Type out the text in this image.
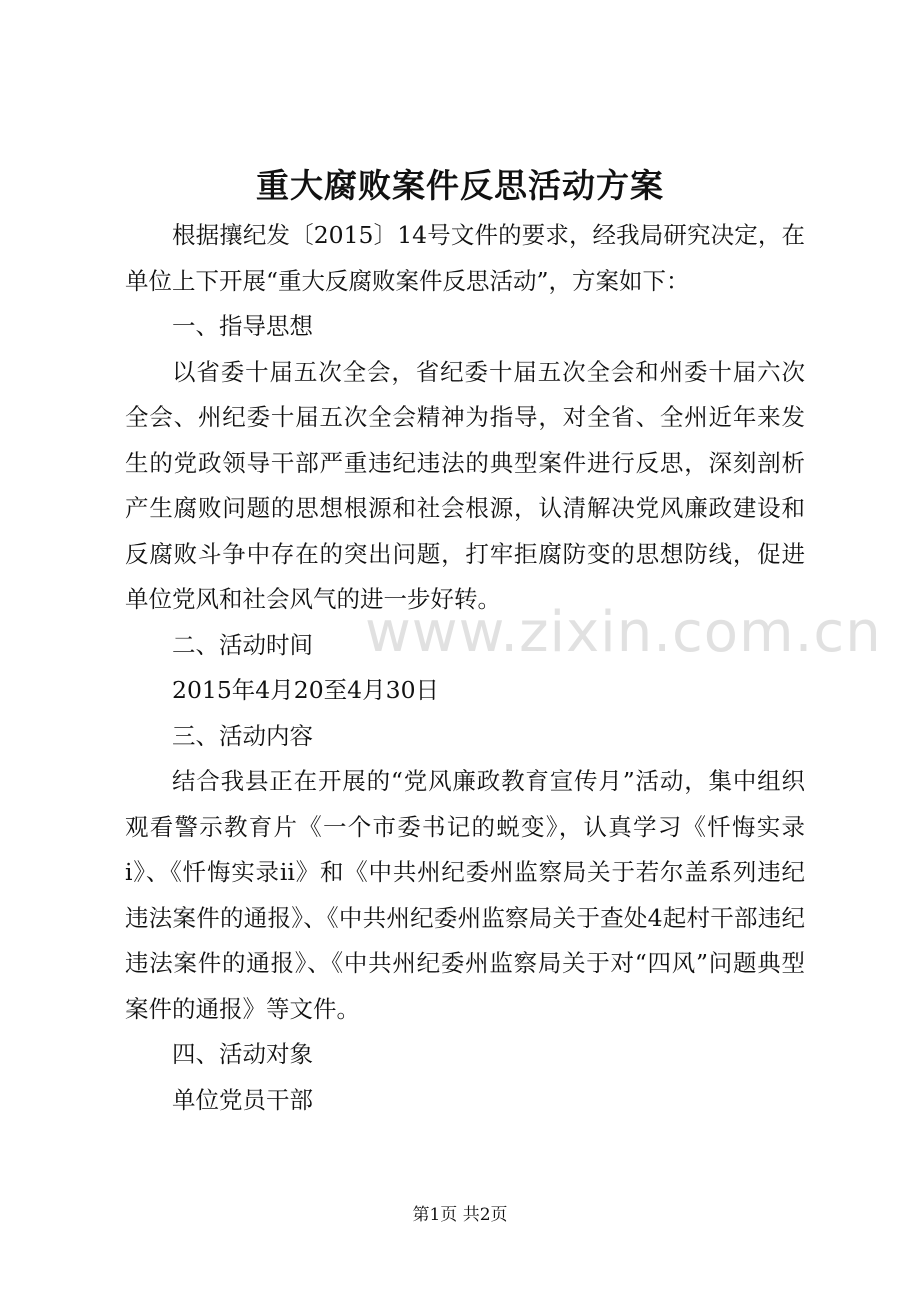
重大腐败案件反思活动方案

根据攘纪发〔2015〕14号文件的要求，经我局研究决定，在单位上下开展“重大反腐败案件反思活动”，方案如下：

一、指导思想

以省委十届五次全会，省纪委十届五次全会和州委十届六次全会、州纪委十届五次全会精神为指导，对全省、全州近年来发生的党政领导干部严重违纪违法的典型案件进行反思，深刻剖析产生腐败问题的思想根源和社会根源，认清解决党风廉政建设和反腐败斗争中存在的突出问题，打牢拒腐防变的思想防线，促进单位党风和社会风气的进一步好转。

二、活动时间

2015年4月20至4月30日

三、活动内容

结合我县正在开展的“党风廉政教育宣传月”活动，集中组织观看警示教育片《一个市委书记的蜕变》，认真学习《忏悔实录ⅰ》、《忏悔实录ⅱ》和《中共州纪委州监察局关于若尔盖系列违纪违法案件的通报》、《中共州纪委州监察局关于查处4起村干部违纪违法案件的通报》、《中共州纪委州监察局关于对“四风”问题典型案件的通报》等文件。

四、活动对象

单位党员干部

www.zixin.com.cn
第1页 共2页
